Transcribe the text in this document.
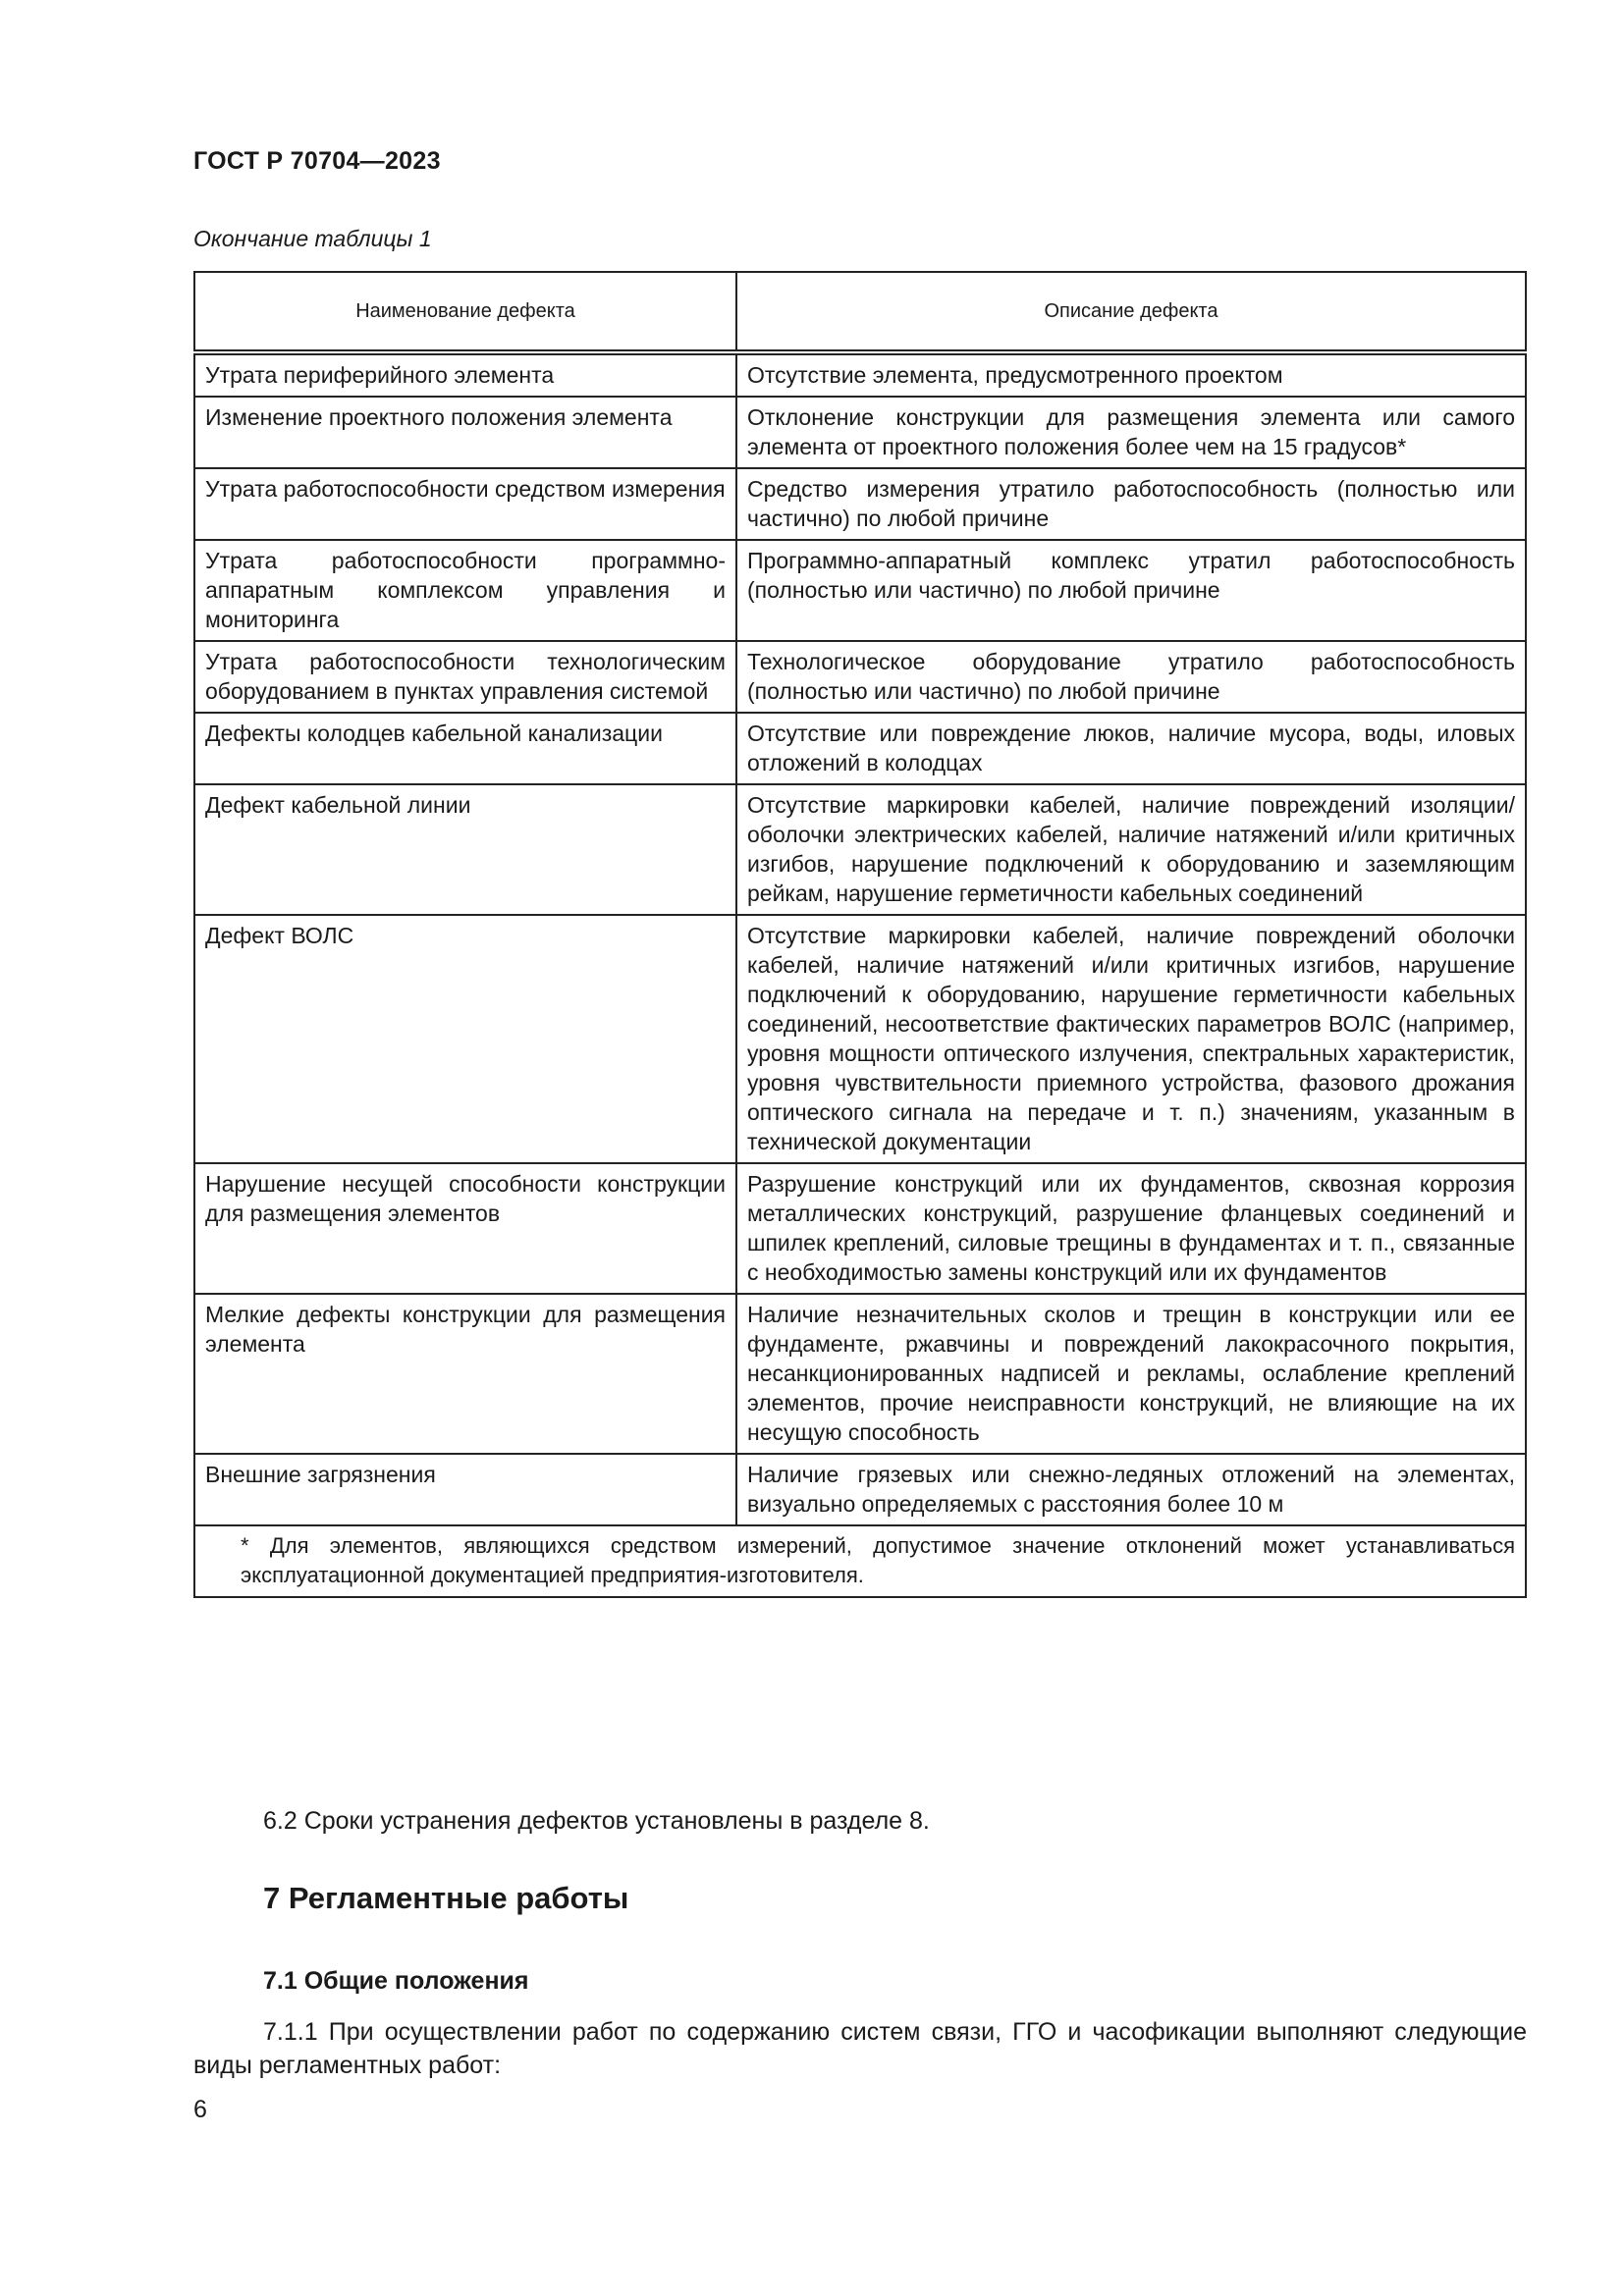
ГОСТ Р 70704—2023
Окончание таблицы 1
Наименование дефекта	Описание дефекта
Утрата периферийного элемента	Отсутствие элемента, предусмотренного проектом
Изменение проектного положения элемента	Отклонение конструкции для размещения элемента или самого элемента от проектного положения более чем на 15 градусов*
Утрата работоспособности средством измерения	Средство измерения утратило работоспособность (полностью или частично) по любой причине
Утрата работоспособности программно-аппаратным комплексом управления и мониторинга	Программно-аппаратный комплекс утратил работоспособность (полностью или частично) по любой причине
Утрата работоспособности технологическим оборудованием в пунктах управления системой	Технологическое оборудование утратило работоспособность (полностью или частично) по любой причине
Дефекты колодцев кабельной канализации	Отсутствие или повреждение люков, наличие мусора, воды, иловых отложений в колодцах
Дефект кабельной линии	Отсутствие маркировки кабелей, наличие повреждений изоляции/оболочки электрических кабелей, наличие натяжений и/или критичных изгибов, нарушение подключений к оборудованию и заземляющим рейкам, нарушение герметичности кабельных соединений
Дефект ВОЛС	Отсутствие маркировки кабелей, наличие повреждений оболочки кабелей, наличие натяжений и/или критичных изгибов, нарушение подключений к оборудованию, нарушение герметичности кабельных соединений, несоответствие фактических параметров ВОЛС (например, уровня мощности оптического излучения, спектральных характеристик, уровня чувствительности приемного устройства, фазового дрожания оптического сигнала на передаче и т. п.) значениям, указанным в технической документации
Нарушение несущей способности конструкции для размещения элементов	Разрушение конструкций или их фундаментов, сквозная коррозия металлических конструкций, разрушение фланцевых соединений и шпилек креплений, силовые трещины в фундаментах и т. п., связанные с необходимостью замены конструкций или их фундаментов
Мелкие дефекты конструкции для размещения элемента	Наличие незначительных сколов и трещин в конструкции или ее фундаменте, ржавчины и повреждений лакокрасочного покрытия, несанкционированных надписей и рекламы, ослабление креплений элементов, прочие неисправности конструкций, не влияющие на их несущую способность
Внешние загрязнения	Наличие грязевых или снежно-ледяных отложений на элементах, визуально определяемых с расстояния более 10 м
* Для элементов, являющихся средством измерений, допустимое значение отклонений может устанавливаться эксплуатационной документацией предприятия-изготовителя.	
6.2 Сроки устранения дефектов установлены в разделе 8.
7 Регламентные работы
7.1 Общие положения
7.1.1 При осуществлении работ по содержанию систем связи, ГГО и часофикации выполняют следующие виды регламентных работ:
6
